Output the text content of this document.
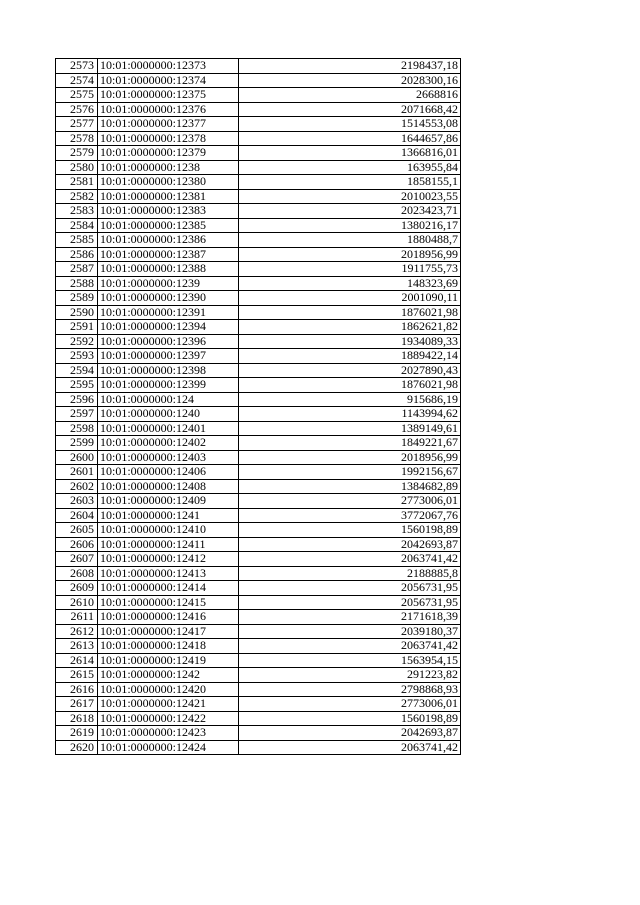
2573	10:01:0000000:12373	2198437,18
2574	10:01:0000000:12374	2028300,16
2575	10:01:0000000:12375	2668816
2576	10:01:0000000:12376	2071668,42
2577	10:01:0000000:12377	1514553,08
2578	10:01:0000000:12378	1644657,86
2579	10:01:0000000:12379	1366816,01
2580	10:01:0000000:1238	163955,84
2581	10:01:0000000:12380	1858155,1
2582	10:01:0000000:12381	2010023,55
2583	10:01:0000000:12383	2023423,71
2584	10:01:0000000:12385	1380216,17
2585	10:01:0000000:12386	1880488,7
2586	10:01:0000000:12387	2018956,99
2587	10:01:0000000:12388	1911755,73
2588	10:01:0000000:1239	148323,69
2589	10:01:0000000:12390	2001090,11
2590	10:01:0000000:12391	1876021,98
2591	10:01:0000000:12394	1862621,82
2592	10:01:0000000:12396	1934089,33
2593	10:01:0000000:12397	1889422,14
2594	10:01:0000000:12398	2027890,43
2595	10:01:0000000:12399	1876021,98
2596	10:01:0000000:124	915686,19
2597	10:01:0000000:1240	1143994,62
2598	10:01:0000000:12401	1389149,61
2599	10:01:0000000:12402	1849221,67
2600	10:01:0000000:12403	2018956,99
2601	10:01:0000000:12406	1992156,67
2602	10:01:0000000:12408	1384682,89
2603	10:01:0000000:12409	2773006,01
2604	10:01:0000000:1241	3772067,76
2605	10:01:0000000:12410	1560198,89
2606	10:01:0000000:12411	2042693,87
2607	10:01:0000000:12412	2063741,42
2608	10:01:0000000:12413	2188885,8
2609	10:01:0000000:12414	2056731,95
2610	10:01:0000000:12415	2056731,95
2611	10:01:0000000:12416	2171618,39
2612	10:01:0000000:12417	2039180,37
2613	10:01:0000000:12418	2063741,42
2614	10:01:0000000:12419	1563954,15
2615	10:01:0000000:1242	291223,82
2616	10:01:0000000:12420	2798868,93
2617	10:01:0000000:12421	2773006,01
2618	10:01:0000000:12422	1560198,89
2619	10:01:0000000:12423	2042693,87
2620	10:01:0000000:12424	2063741,42
